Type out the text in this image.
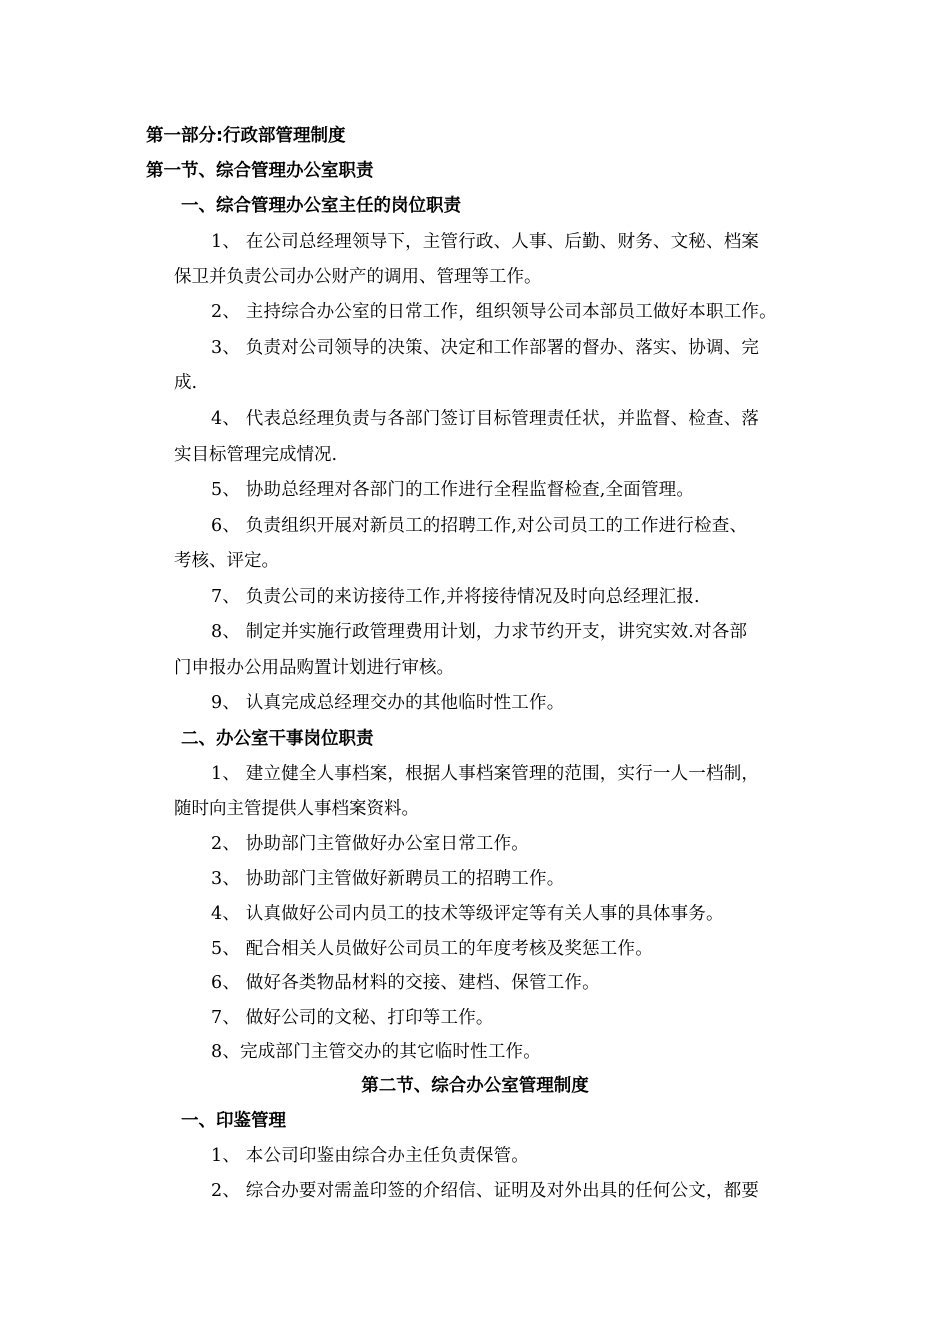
第一部分:行政部管理制度
第一节、综合管理办公室职责
一、综合管理办公室主任的岗位职责
1、 在公司总经理领导下，主管行政、人事、后勤、财务、文秘、档案
保卫并负责公司办公财产的调用、管理等工作。
2、 主持综合办公室的日常工作，组织领导公司本部员工做好本职工作。
3、 负责对公司领导的决策、决定和工作部署的督办、落实、协调、完
成.
4、 代表总经理负责与各部门签订目标管理责任状，并监督、检查、落
实目标管理完成情况.
5、 协助总经理对各部门的工作进行全程监督检查,全面管理。
6、 负责组织开展对新员工的招聘工作,对公司员工的工作进行检查、
考核、评定。
7、 负责公司的来访接待工作,并将接待情况及时向总经理汇报.
8、 制定并实施行政管理费用计划，力求节约开支，讲究实效.对各部
门申报办公用品购置计划进行审核。
9、 认真完成总经理交办的其他临时性工作。
二、办公室干事岗位职责
1、 建立健全人事档案，根据人事档案管理的范围，实行一人一档制，
随时向主管提供人事档案资料。
2、 协助部门主管做好办公室日常工作。
3、 协助部门主管做好新聘员工的招聘工作。
4、 认真做好公司内员工的技术等级评定等有关人事的具体事务。
5、 配合相关人员做好公司员工的年度考核及奖惩工作。
6、 做好各类物品材料的交接、建档、保管工作。
7、 做好公司的文秘、打印等工作。
8、完成部门主管交办的其它临时性工作。
第二节、综合办公室管理制度
一、印鉴管理
1、 本公司印鉴由综合办主任负责保管。
2、 综合办要对需盖印签的介绍信、证明及对外出具的任何公文，都要
